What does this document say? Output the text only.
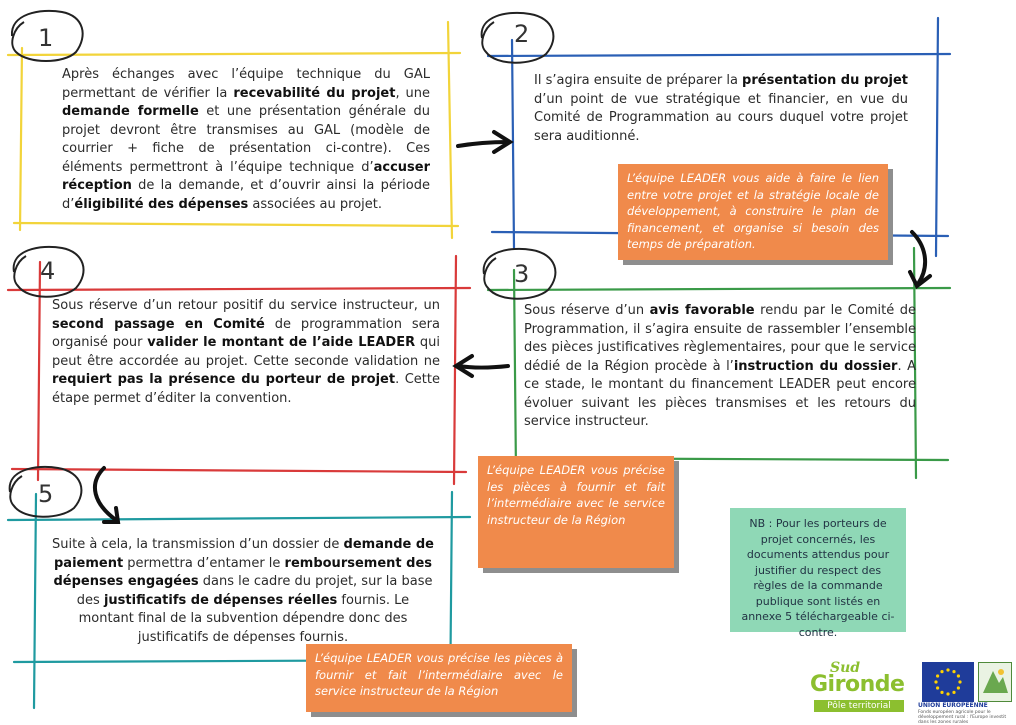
1	2
4	3
5
Après échanges avec l’équipe technique du GAL permettant de vérifier la recevabilité du projet, une demande formelle et une présentation générale du projet devront être transmises au GAL (modèle de courrier + fiche de présentation ci-contre). Ces éléments permettront à l’équipe technique d’accuser réception de la demande, et d’ouvrir ainsi la période d’éligibilité des dépenses associées au projet.
Il s’agira ensuite de préparer la présentation du projet d’un point de vue stratégique et financier, en vue du Comité de Programmation au cours duquel votre projet sera auditionné.
Sous réserve d’un retour positif du service instructeur, un second passage en Comité de programmation sera organisé pour valider le montant de l’aide LEADER qui peut être accordée au projet. Cette seconde validation ne requiert pas la présence du porteur de projet. Cette étape permet d’éditer la convention.
Sous réserve d’un avis favorable rendu par le Comité de Programmation, il s’agira ensuite de rassembler l’ensemble des pièces justificatives règlementaires, pour que le service dédié de la Région procède à l’instruction du dossier. A ce stade, le montant du financement LEADER peut encore évoluer suivant les pièces transmises et les retours du service instructeur.
Suite à cela, la transmission d’un dossier de demande de paiement permettra d’entamer le remboursement des dépenses engagées dans le cadre du projet, sur la base des justificatifs de dépenses réelles fournis. Le montant final de la subvention dépendre donc des justificatifs de dépenses fournis.
L’équipe LEADER vous aide à faire le lien entre votre projet et la stratégie locale de développement, à construire le plan de financement, et organise si besoin des temps de préparation.
L’équipe LEADER vous précise les pièces à fournir et fait l’intermédiaire avec le service instructeur de la Région
L’équipe LEADER vous précise les pièces à fournir et fait l’intermédiaire avec le service instructeur de la Région
NB : Pour les porteurs de projet concernés, les documents attendus pour justifier du respect des règles de la commande publique sont listés en annexe 5 téléchargeable ci-contre.
Sud
Gironde
Pôle territorial	UNION EUROPEENNE
Fonds européen agricole pour le développement rural : l'Europe investit dans les zones rurales
